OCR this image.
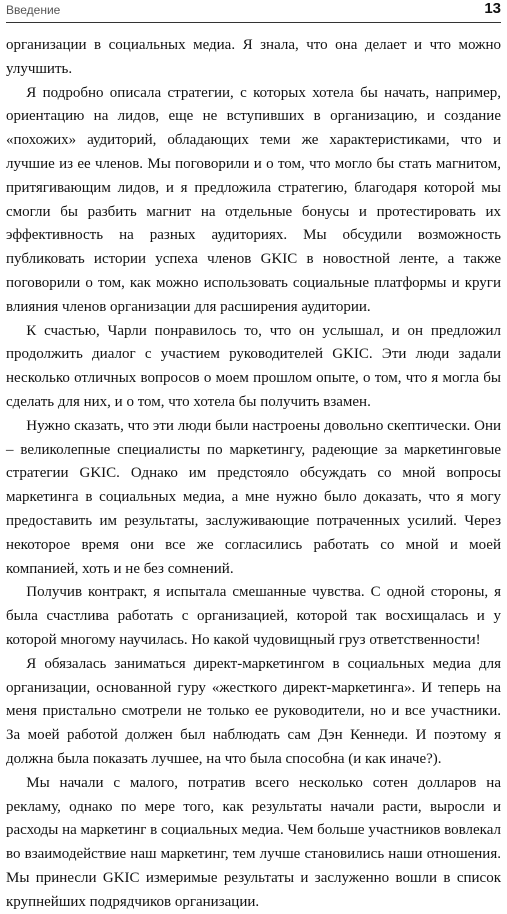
Введение	13

организации в социальных медиа. Я знала, что она делает и что можно улучшить.

Я подробно описала стратегии, с которых хотела бы начать, например, ориентацию на лидов, еще не вступивших в организацию, и создание «похожих» аудиторий, обладающих теми же характеристиками, что и лучшие из ее членов. Мы поговорили и о том, что могло бы стать магнитом, притягивающим лидов, и я предложила стратегию, благодаря которой мы смогли бы разбить магнит на отдельные бонусы и протестировать их эффективность на разных аудиториях. Мы обсудили возможность публиковать истории успеха членов GKIC в новостной ленте, а также поговорили о том, как можно использовать социальные платформы и круги влияния членов организации для расширения аудитории.

К счастью, Чарли понравилось то, что он услышал, и он предложил продолжить диалог с участием руководителей GKIC. Эти люди задали несколько отличных вопросов о моем прошлом опыте, о том, что я могла бы сделать для них, и о том, что хотела бы получить взамен.

Нужно сказать, что эти люди были настроены довольно скептически. Они – великолепные специалисты по маркетингу, радеющие за маркетинговые стратегии GKIC. Однако им предстояло обсуждать со мной вопросы маркетинга в социальных медиа, а мне нужно было доказать, что я могу предоставить им результаты, заслуживающие потраченных усилий. Через некоторое время они все же согласились работать со мной и моей компанией, хоть и не без сомнений.

Получив контракт, я испытала смешанные чувства. С одной стороны, я была счастлива работать с организацией, которой так восхищалась и у которой многому научилась. Но какой чудовищный груз ответственности!

Я обязалась заниматься директ-маркетингом в социальных медиа для организации, основанной гуру «жесткого директ-маркетинга». И теперь на меня пристально смотрели не только ее руководители, но и все участники. За моей работой должен был наблюдать сам Дэн Кеннеди. И поэтому я должна была показать лучшее, на что была способна (и как иначе?).

Мы начали с малого, потратив всего несколько сотен долларов на рекламу, однако по мере того, как результаты начали расти, выросли и расходы на маркетинг в социальных медиа. Чем больше участников вовлекал во взаимодействие наш маркетинг, тем лучше становились наши отношения. Мы принесли GKIC измеримые результаты и заслуженно вошли в список крупнейших подрядчиков организации.
